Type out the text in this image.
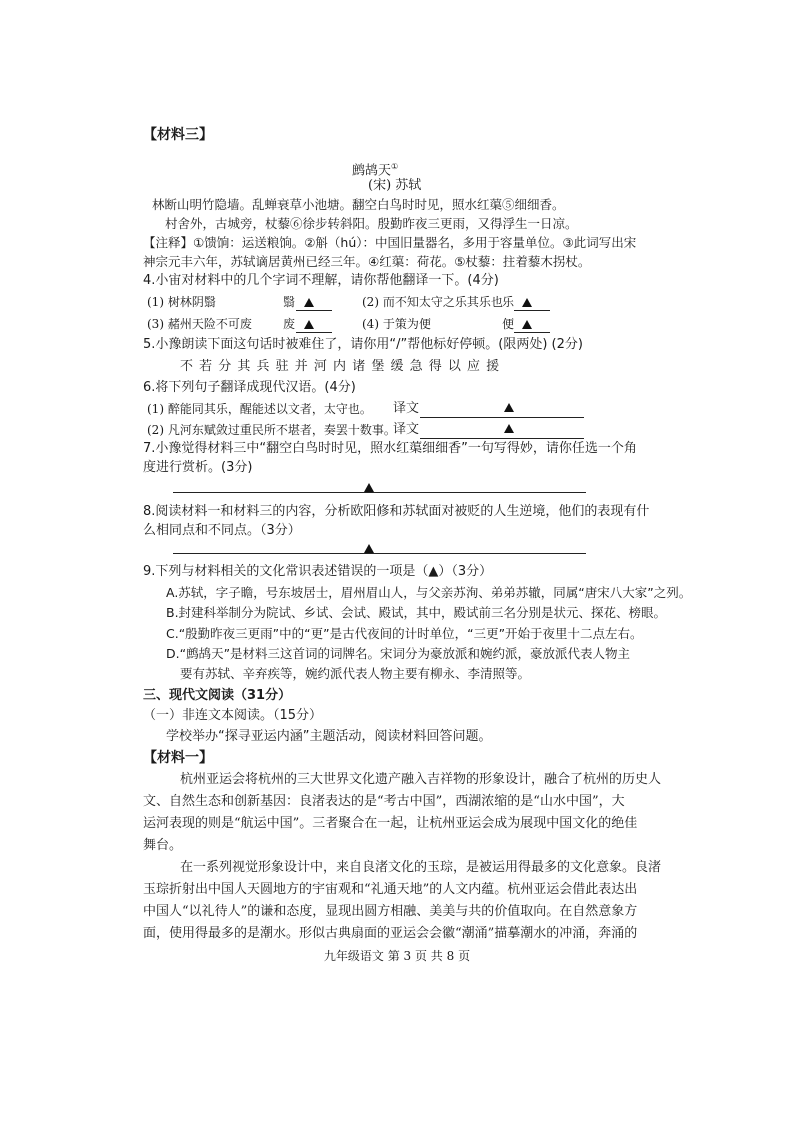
【材料三】
鹧鸪天①
(宋) 苏轼
林断山明竹隐墙。乱蝉衰草小池塘。翻空白鸟时时见，照水红蕖⑤细细香。
村舍外，古城旁，杖藜⑥徐步转斜阳。殷勤昨夜三更雨，又得浮生一日凉。
【注释】①馈饷：运送粮饷。②斛（hú）：中国旧量器名，多用于容量单位。③此词写出宋
神宗元丰六年，苏轼谪居黄州已经三年。④红蕖：荷花。⑤杖藜：拄着藜木拐杖。
4.小宙对材料中的几个字词不理解，请你帮他翻译一下。(4分)
(1) 树林阴翳	翳	(2) 而不知太守之乐其乐也 乐
(3) 赭州天险不可废	废	(4) 于策为便	便
5.小豫朗读下面这句话时被难住了，请你用“/”帮他标好停顿。(限两处) (2分)
不 若 分 其 兵 驻 并 河 内 诸 堡 缓 急 得 以 应 援
6.将下列句子翻译成现代汉语。(4分)
(1) 醉能同其乐，醒能述以文者，太守也。 译文
(2) 凡河东赋敛过重民所不堪者，奏罢十数事。
译文
7.小豫觉得材料三中“翻空白鸟时时见，照水红蕖细细香”一句写得妙，请你任选一个角
度进行赏析。(3分)
8.阅读材料一和材料三的内容，分析欧阳修和苏轼面对被贬的人生逆境，他们的表现有什
么相同点和不同点。（3分）
9.下列与材料相关的文化常识表述错误的一项是（▲）（3分）
A.苏轼，字子瞻，号东坡居士，眉州眉山人，与父亲苏洵、弟弟苏辙，同属“唐宋八大家”之列。
B.封建科举制分为院试、乡试、会试、殿试，其中，殿试前三名分别是状元、探花、榜眼。
C.“殷勤昨夜三更雨”中的“更”是古代夜间的计时单位，“三更”开始于夜里十二点左右。
D.“鹧鸪天”是材料三这首词的词牌名。宋词分为豪放派和婉约派，豪放派代表人物主
要有苏轼、辛弃疾等，婉约派代表人物主要有柳永、李清照等。
三、现代文阅读（31分）
（一）非连文本阅读。（15分）
学校举办“探寻亚运内涵”主题活动，阅读材料回答问题。
【材料一】
杭州亚运会将杭州的三大世界文化遗产融入吉祥物的形象设计，融合了杭州的历史人
文、自然生态和创新基因：良渚表达的是“考古中国”，西湖浓缩的是“山水中国”，大
运河表现的则是“航运中国”。三者聚合在一起，让杭州亚运会成为展现中国文化的绝佳
舞台。
在一系列视觉形象设计中，来自良渚文化的玉琮，是被运用得最多的文化意象。良渚
玉琮折射出中国人天圆地方的宇宙观和“礼通天地”的人文内蕴。杭州亚运会借此表达出
中国人“以礼待人”的谦和态度，显现出圆方相融、美美与共的价值取向。在自然意象方
面，使用得最多的是潮水。形似古典扇面的亚运会会徽“潮涌”描摹潮水的冲涌，奔涌的
九年级语文 第 3 页 共 8 页
